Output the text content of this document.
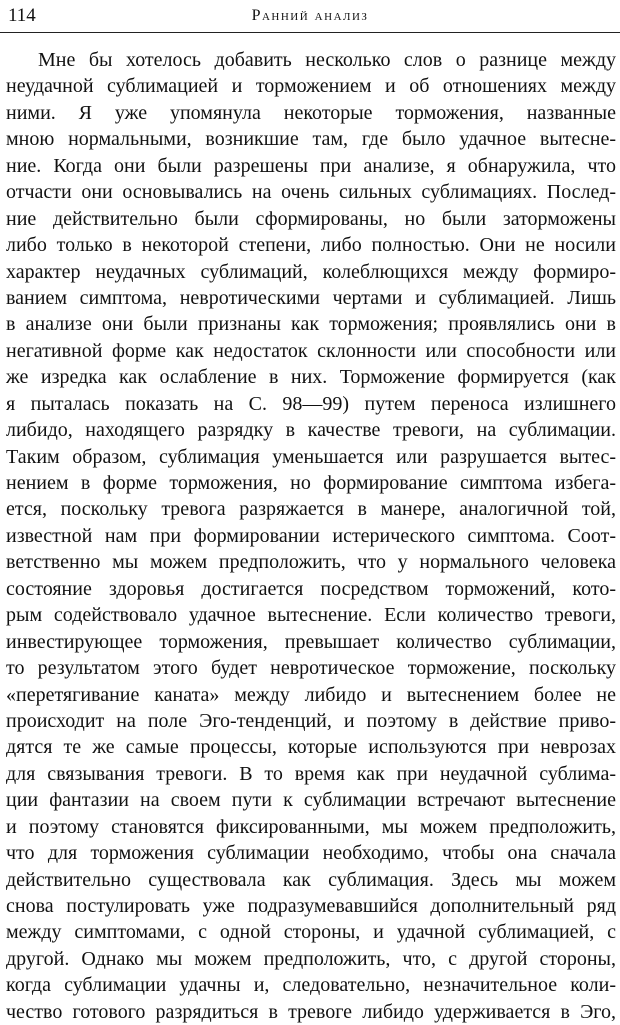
114	Ранний анализ
Мне бы хотелось добавить несколько слов о разнице между
неудачной сублимацией и торможением и об отношениях между
ними. Я уже упомянула некоторые торможения, названные
мною нормальными, возникшие там, где было удачное вытесне-
ние. Когда они были разрешены при анализе, я обнаружила, что
отчасти они основывались на очень сильных сублимациях. Послед-
ние действительно были сформированы, но были заторможены
либо только в некоторой степени, либо полностью. Они не носили
характер неудачных сублимаций, колеблющихся между формиро-
ванием симптома, невротическими чертами и сублимацией. Лишь
в анализе они были признаны как торможения; проявлялись они в
негативной форме как недостаток склонности или способности или
же изредка как ослабление в них. Торможение формируется (как
я пыталась показать на С. 98—99) путем переноса излишнего
либидо, находящего разрядку в качестве тревоги, на сублимации.
Таким образом, сублимация уменьшается или разрушается вытес-
нением в форме торможения, но формирование симптома избега-
ется, поскольку тревога разряжается в манере, аналогичной той,
известной нам при формировании истерического симптома. Соот-
ветственно мы можем предположить, что у нормального человека
состояние здоровья достигается посредством торможений, кото-
рым содействовало удачное вытеснение. Если количество тревоги,
инвестирующее торможения, превышает количество сублимации,
то результатом этого будет невротическое торможение, поскольку
«перетягивание каната» между либидо и вытеснением более не
происходит на поле Эго-тенденций, и поэтому в действие приво-
дятся те же самые процессы, которые используются при неврозах
для связывания тревоги. В то время как при неудачной сублима-
ции фантазии на своем пути к сублимации встречают вытеснение
и поэтому становятся фиксированными, мы можем предположить,
что для торможения сублимации необходимо, чтобы она сначала
действительно существовала как сублимация. Здесь мы можем
снова постулировать уже подразумевавшийся дополнительный ряд
между симптомами, с одной стороны, и удачной сублимацией, с
другой. Однако мы можем предположить, что, с другой стороны,
когда сублимации удачны и, следовательно, незначительное коли-
чество готового разрядиться в тревоге либидо удерживается в Эго,
